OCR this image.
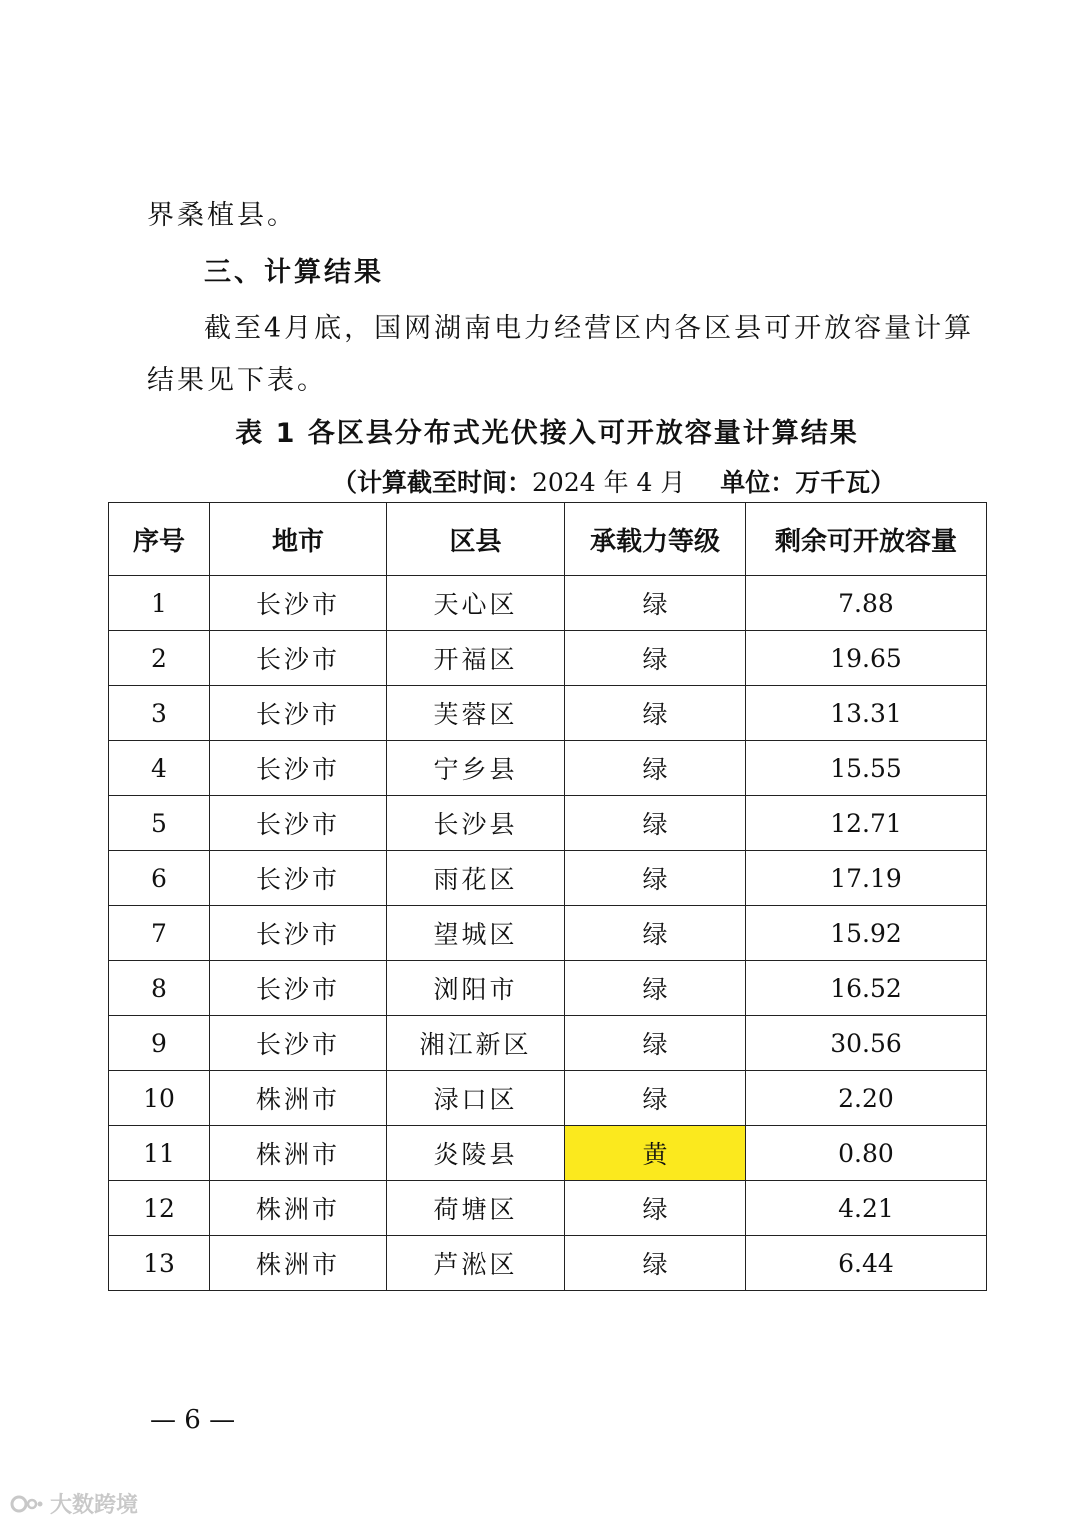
界桑植县。
三、计算结果
截至4月底，国网湖南电力经营区内各区县可开放容量计算
结果见下表。
表 1 各区县分布式光伏接入可开放容量计算结果
（计算截至时间：2024 年 4 月 单位：万千瓦）
序号	地市	区县	承载力等级	剩余可开放容量
1	长沙市	天心区	绿	7.88
2	长沙市	开福区	绿	19.65
3	长沙市	芙蓉区	绿	13.31
4	长沙市	宁乡县	绿	15.55
5	长沙市	长沙县	绿	12.71
6	长沙市	雨花区	绿	17.19
7	长沙市	望城区	绿	15.92
8	长沙市	浏阳市	绿	16.52
9	长沙市	湘江新区	绿	30.56
10	株洲市	渌口区	绿	2.20
11	株洲市	炎陵县	黄	0.80
12	株洲市	荷塘区	绿	4.21
13	株洲市	芦淞区	绿	6.44
— 6 —
大数跨境
